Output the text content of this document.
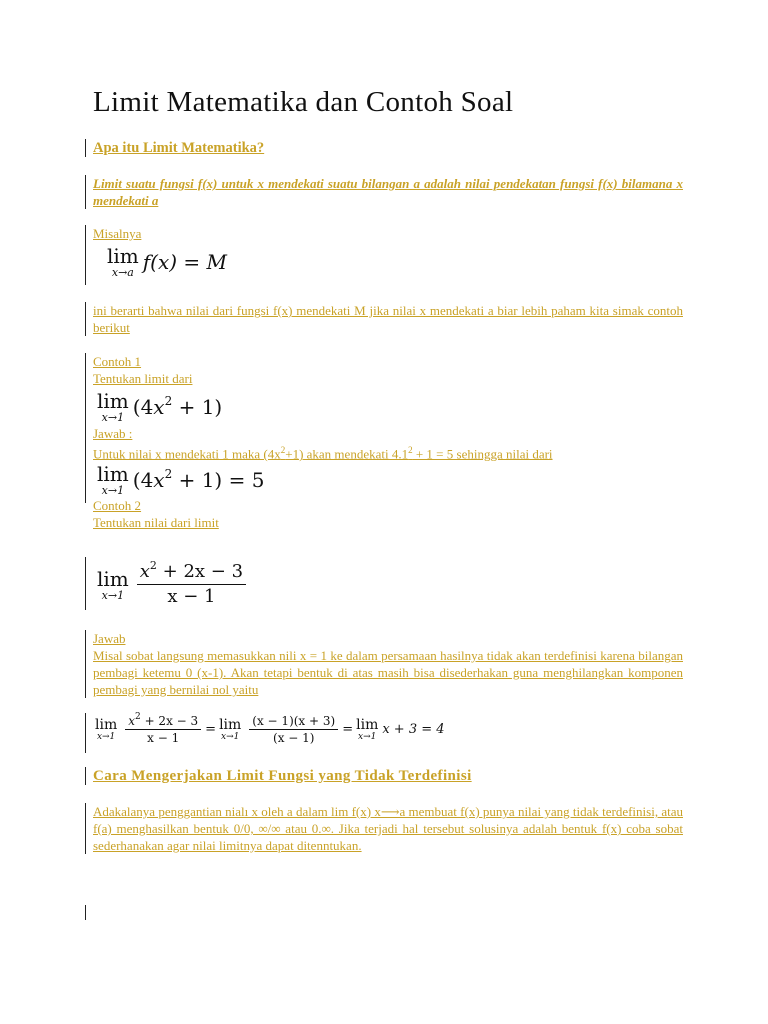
Limit Matematika dan Contoh Soal

Apa itu Limit Matematika?

Limit suatu fungsi f(x) untuk x mendekati suatu bilangan a adalah nilai pendekatan fungsi f(x) bilamana x mendekati a

Misalnya

lim
x→a f(x) = M

ini berarti bahwa nilai dari fungsi f(x) mendekati M jika nilai x mendekati a biar lebih paham kita simak contoh berikut

Contoh 1

Tentukan limit dari

lim
x→1 $(4x^2 + 1)$

Jawab :

Untuk nilai x mendekati 1 maka $(4x^2+1)$ akan mendekati $4.1^2 + 1 = 5$ sehingga nilai dari

lim
x→1 $(4x^2 + 1) = 5$

Contoh 2

Tentukan nilai dari limit

lim
$x\to 1 \frac{x^2 + 2x - 3}{x - 1}$

Jawab

Misal sobat langsung memasukkan nili x = 1 ke dalam persamaan hasilnya tidak akan terdefinisi karena bilangan pembagi ketemu 0 (x-1). Akan tetapi bentuk di atas masih bisa disederhakan guna menghilangkan komponen pembagi yang bernilai nol yaitu

lim
$x\to 1 \frac{x^2 + 2x - 3}{x - 1} = \lim$
$x\to 1 \frac{(x - 1)(x + 3)}{(x - 1)} = \lim$
x→1 x + 3 = 4

Cara Mengerjakan Limit Fungsi yang Tidak Terdefinisi

Adakalanya penggantian nialı x oleh a dalam lim f(x) x⟶a membuat f(x) punya nilai yang tidak terdefinisi, atau f(a) menghasilkan bentuk 0/0, ∞/∞ atau 0.∞. Jika terjadi hal tersebut solusinya adalah bentuk f(x) coba sobat sederhanakan agar nilai limitnya dapat ditenntukan.
